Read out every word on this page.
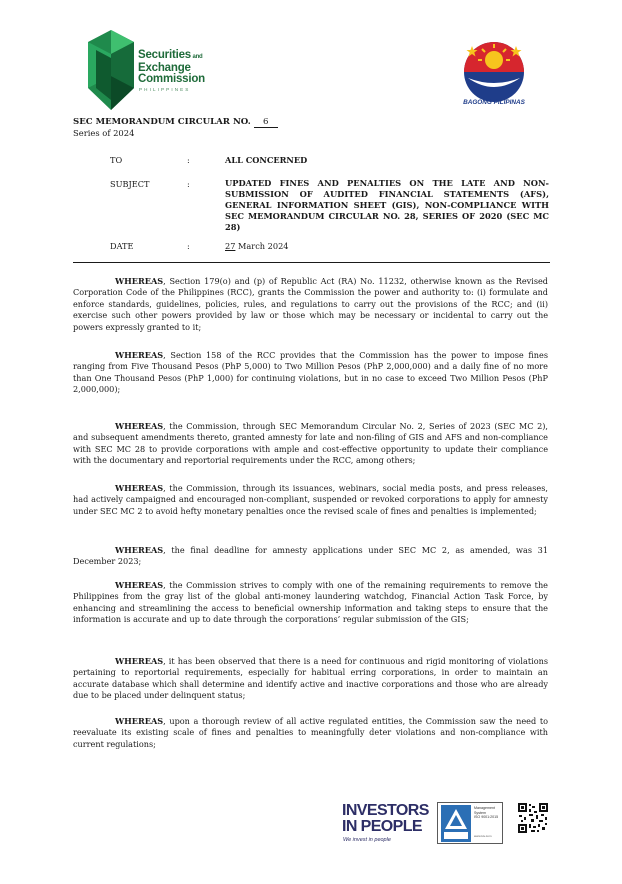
Securities and
Exchange
Commission
PHILIPPINES
BAGONG PILIPINAS
SEC MEMORANDUM CIRCULAR NO. 6
Series of 2024
TO	:	ALL CONCERNED
SUBJECT	:	UPDATED FINES AND PENALTIES ON THE LATE AND NON-SUBMISSION OF AUDITED FINANCIAL STATEMENTS (AFS), GENERAL INFORMATION SHEET (GIS), NON-COMPLIANCE WITH SEC MEMORANDUM CIRCULAR NO. 28, SERIES OF 2020 (SEC MC 28)
DATE	:	27 March 2024

WHEREAS, Section 179(o) and (p) of Republic Act (RA) No. 11232, otherwise known as the Revised Corporation Code of the Philippines (RCC), grants the Commission the power and authority to: (i) formulate and enforce standards, guidelines, policies, rules, and regulations to carry out the provisions of the RCC; and (ii) exercise such other powers provided by law or those which may be necessary or incidental to carry out the powers expressly granted to it;

WHEREAS, Section 158 of the RCC provides that the Commission has the power to impose fines ranging from Five Thousand Pesos (PhP 5,000) to Two Million Pesos (PhP 2,000,000) and a daily fine of no more than One Thousand Pesos (PhP 1,000) for continuing violations, but in no case to exceed Two Million Pesos (PhP 2,000,000);

WHEREAS, the Commission, through SEC Memorandum Circular No. 2, Series of 2023 (SEC MC 2), and subsequent amendments thereto, granted amnesty for late and non-filing of GIS and AFS and non-compliance with SEC MC 28 to provide corporations with ample and cost-effective opportunity to update their compliance with the documentary and reportorial requirements under the RCC, among others;

WHEREAS, the Commission, through its issuances, webinars, social media posts, and press releases, had actively campaigned and encouraged non-compliant, suspended or revoked corporations to apply for amnesty under SEC MC 2 to avoid hefty monetary penalties once the revised scale of fines and penalties is implemented;

WHEREAS, the final deadline for amnesty applications under SEC MC 2, as amended, was 31 December 2023;

WHEREAS, the Commission strives to comply with one of the remaining requirements to remove the Philippines from the gray list of the global anti-money laundering watchdog, Financial Action Task Force, by enhancing and streamlining the access to beneficial ownership information and taking steps to ensure that the information is accurate and up to date through the corporations’ regular submission of the GIS;

WHEREAS, it has been observed that there is a need for continuous and rigid monitoring of violations pertaining to reportorial requirements, especially for habitual erring corporations, in order to maintain an accurate database which shall determine and identify active and inactive corporations and those who are already due to be placed under delinquent status;

WHEREAS, upon a thorough review of all active regulated entities, the Commission saw the need to reevaluate its existing scale of fines and penalties to meaningfully deter violations and non-compliance with current regulations;

INVESTORS
IN PEOPLE
We invest in people
Management
System
ISO 9001:2015
www.tuv.com
